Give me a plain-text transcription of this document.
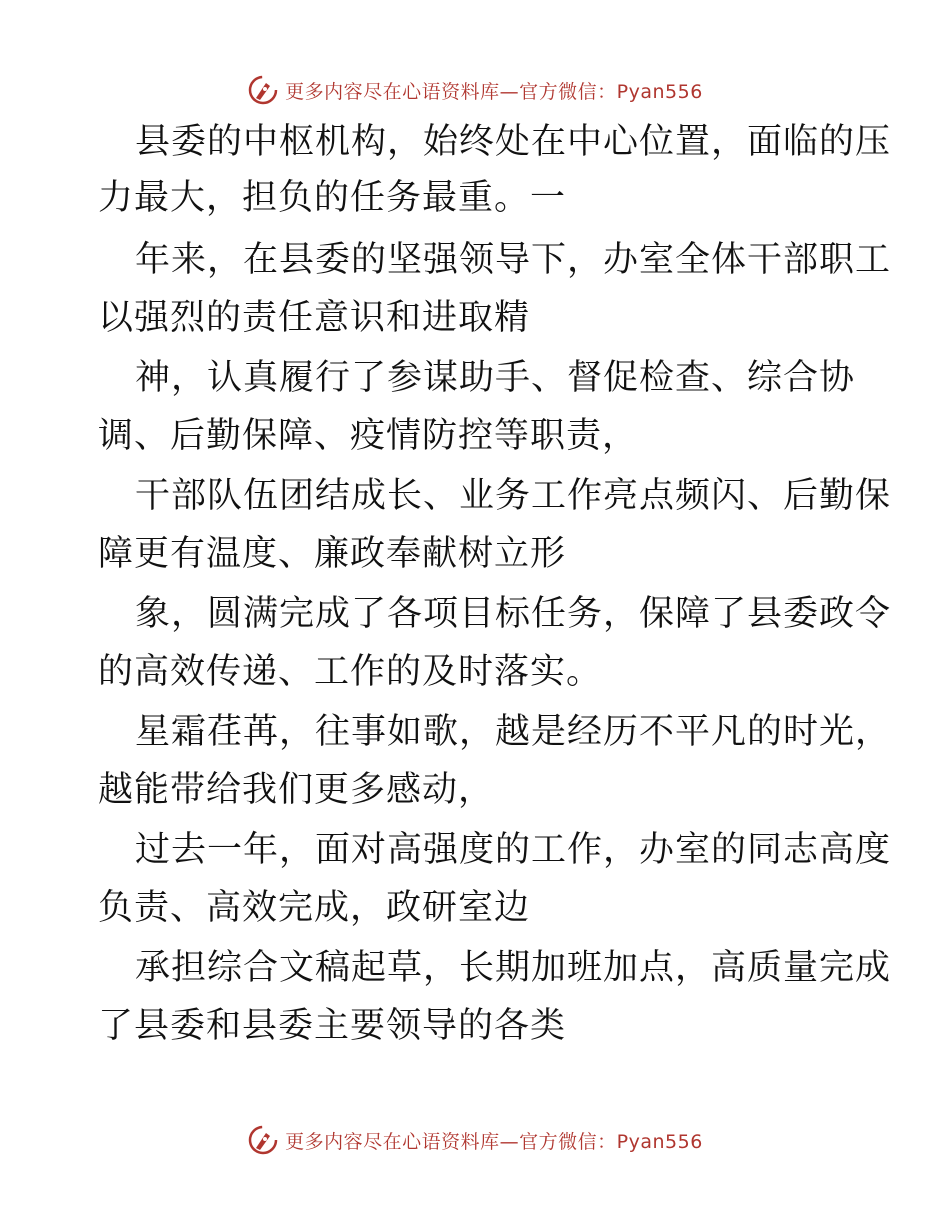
更多内容尽在心语资料库—官方微信：Pyan556
县委的中枢机构，始终处在中心位置，面临的压
力最大，担负的任务最重。一
年来，在县委的坚强领导下，办室全体干部职工
以强烈的责任意识和进取精
神，认真履行了参谋助手、督促检查、综合协
调、后勤保障、疫情防控等职责，
干部队伍团结成长、业务工作亮点频闪、后勤保
障更有温度、廉政奉献树立形
象，圆满完成了各项目标任务，保障了县委政令
的高效传递、工作的及时落实。
星霜荏苒，往事如歌，越是经历不平凡的时光，
越能带给我们更多感动，
过去一年，面对高强度的工作，办室的同志高度
负责、高效完成，政研室边
承担综合文稿起草，长期加班加点，高质量完成
了县委和县委主要领导的各类
更多内容尽在心语资料库—官方微信：Pyan556
